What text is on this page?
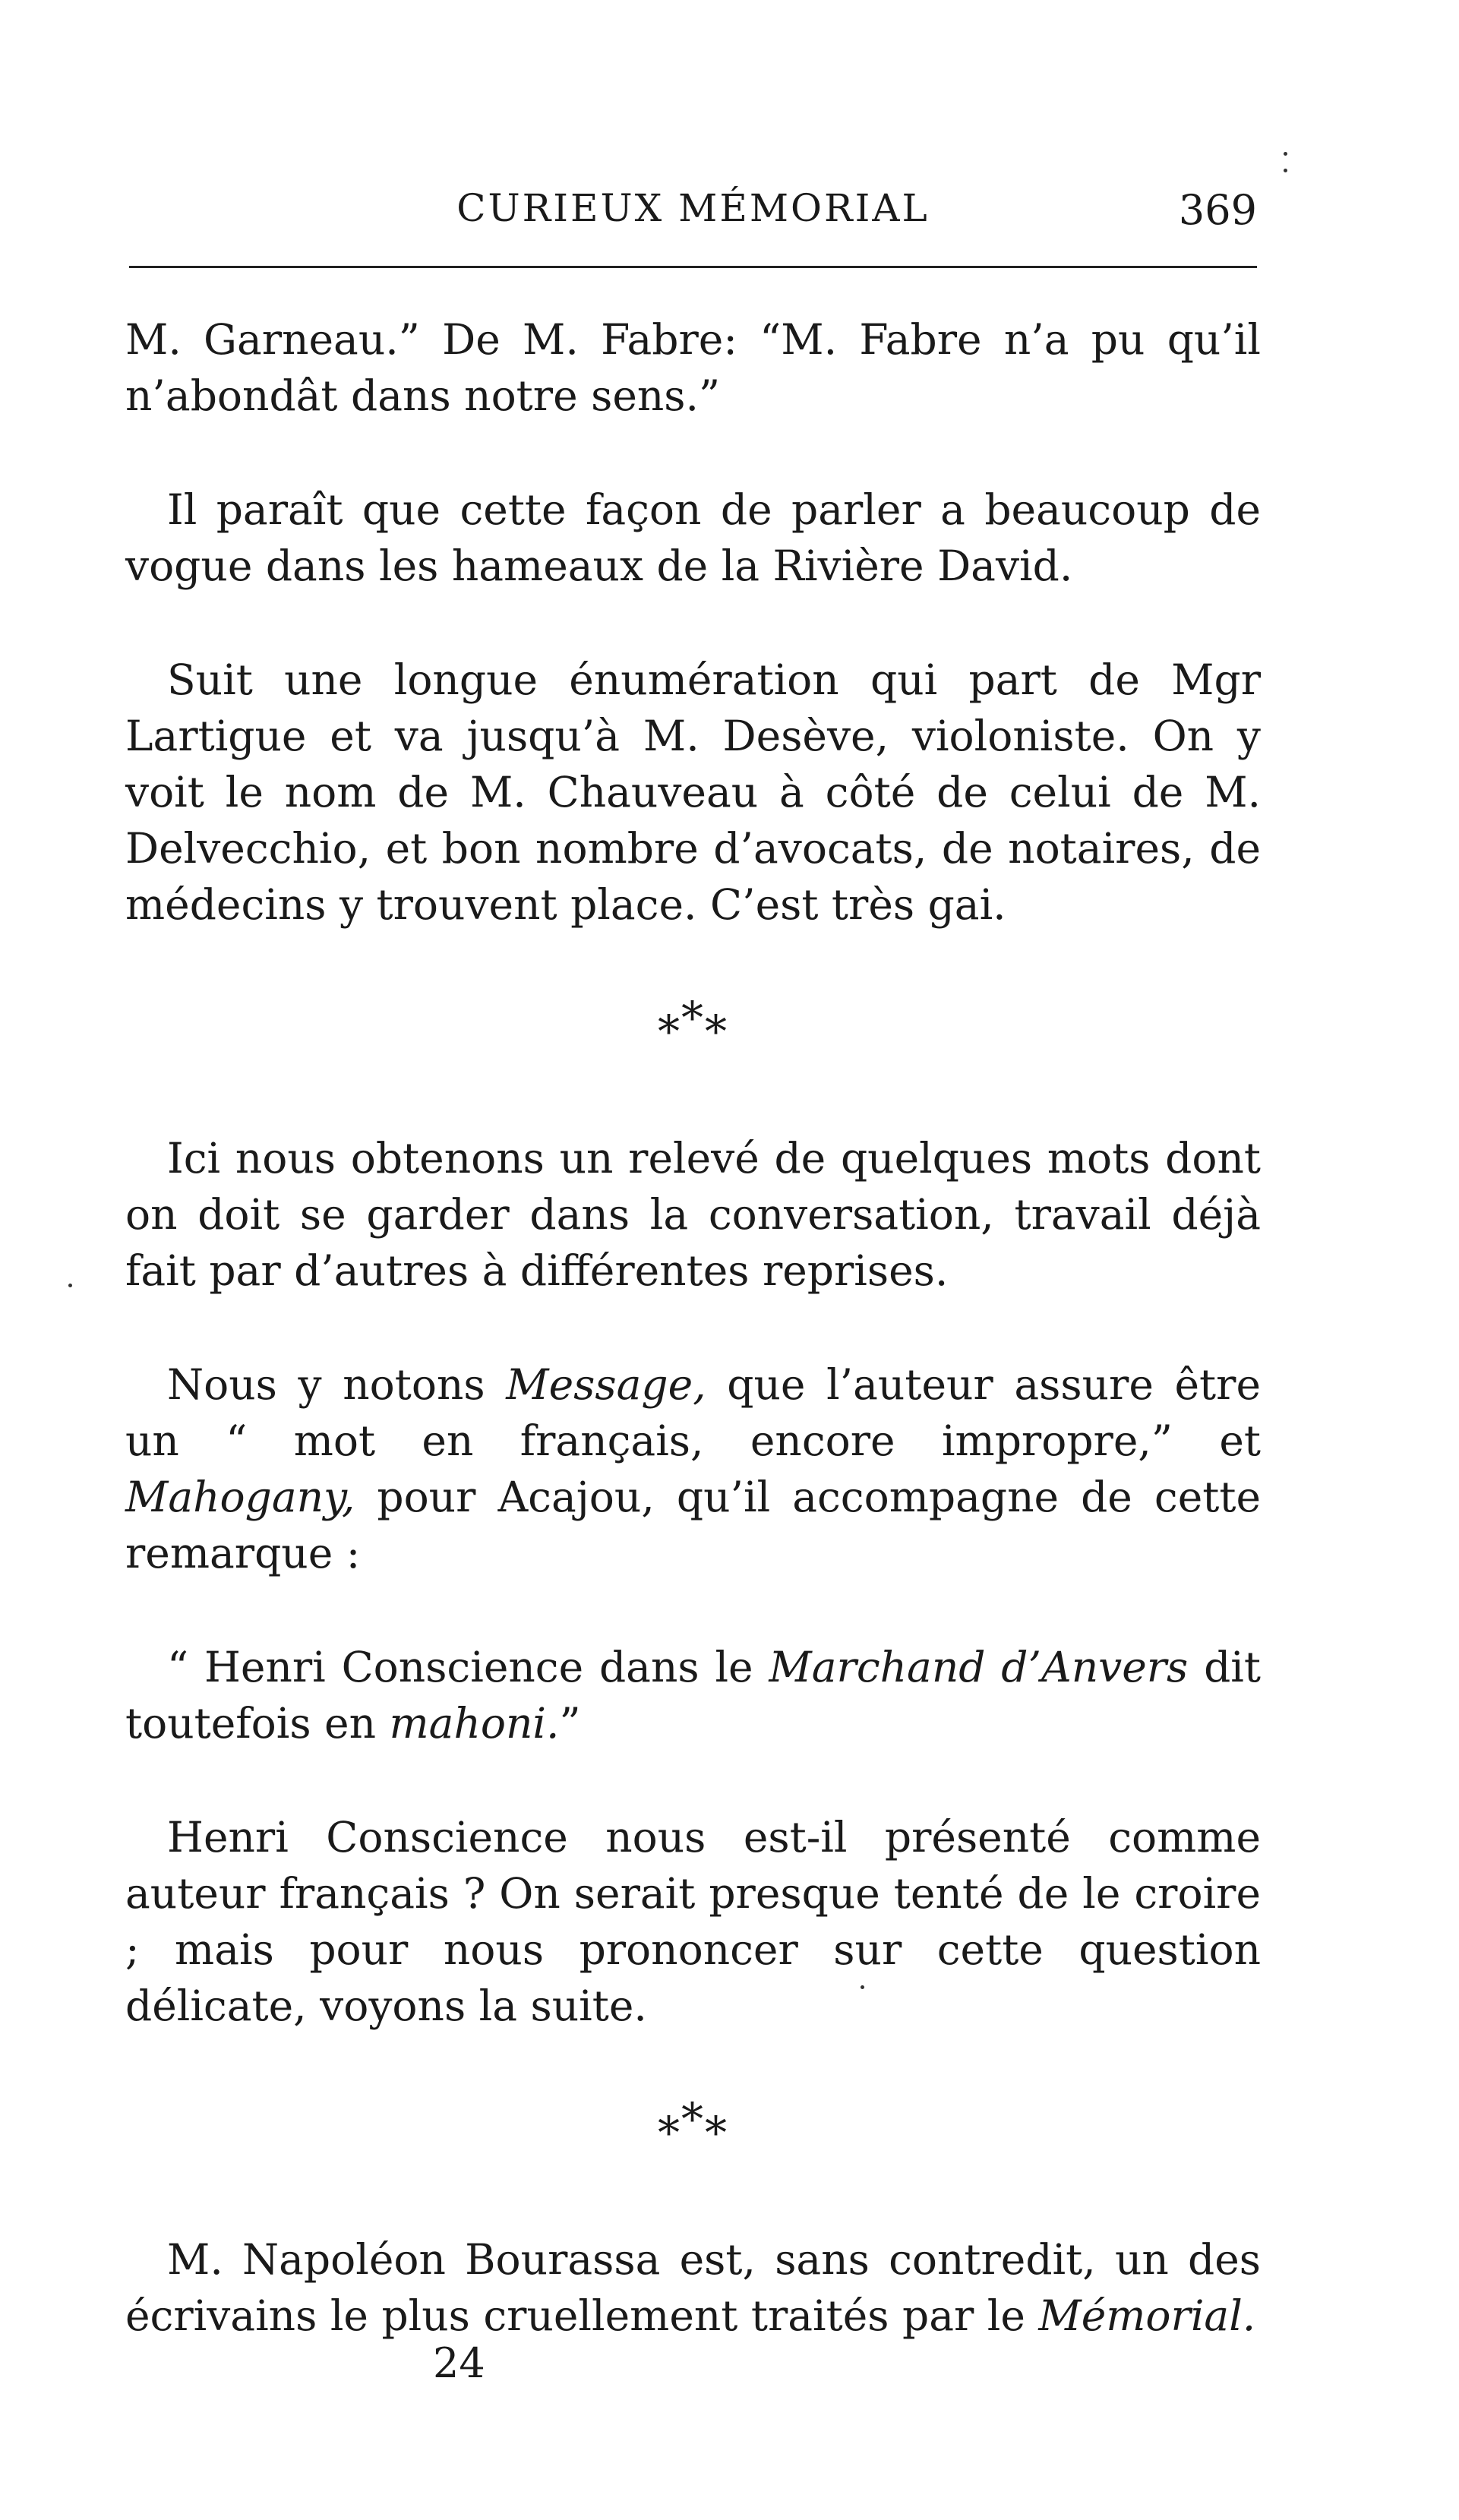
CURIEUX MÉMORIAL	369

M. Garneau.” De M. Fabre: “M. Fabre n’a pu qu’il n’abondât dans notre sens.”

Il paraît que cette façon de parler a beaucoup de vogue dans les hameaux de la Rivière David.

Suit une longue énumération qui part de Mgr Lartigue et va jusqu’à M. Desève, violoniste. On y voit le nom de M. Chauveau à côté de celui de M. Delvecchio, et bon nombre d’avocats, de notaires, de médecins y trouvent place. C’est très gai.

***

Ici nous obtenons un relevé de quelques mots dont on doit se garder dans la conversation, travail déjà fait par d’autres à différentes reprises.

Nous y notons Message, que l’auteur assure être un “ mot en français, encore impropre,” et Mahogany, pour Acajou, qu’il accompagne de cette remarque :

“ Henri Conscience dans le Marchand d’Anvers dit toutefois en mahoni.”

Henri Conscience nous est-il présenté comme auteur français ? On serait presque tenté de le croire ; mais pour nous prononcer sur cette question délicate, voyons la suite.

***

M. Napoléon Bourassa est, sans contredit, un des écrivains le plus cruellement traités par le Mémorial.

24
